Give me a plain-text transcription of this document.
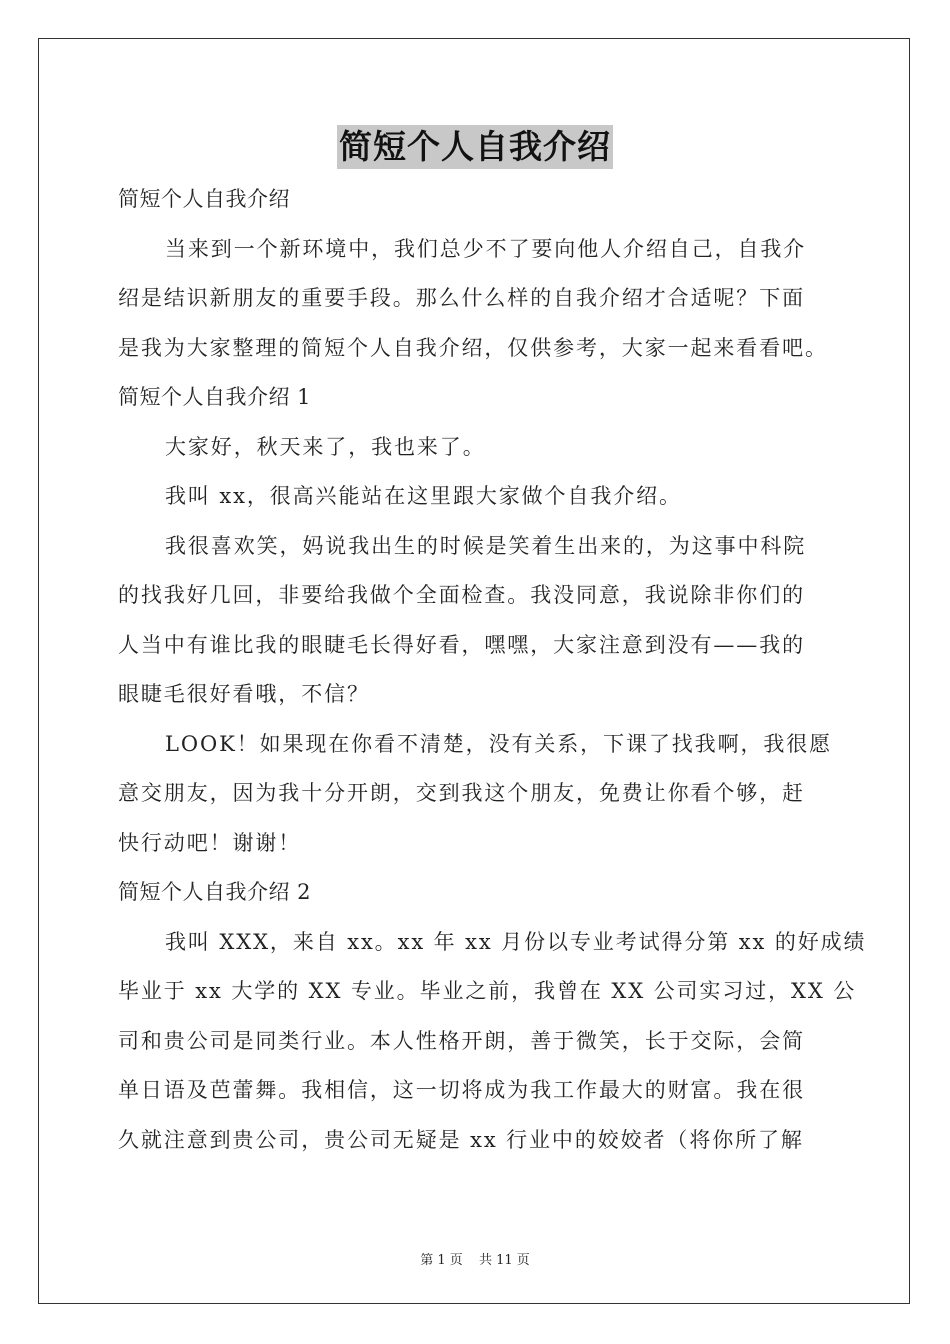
简短个人自我介绍
简短个人自我介绍
当来到一个新环境中，我们总少不了要向他人介绍自己，自我介
绍是结识新朋友的重要手段。那么什么样的自我介绍才合适呢？下面
是我为大家整理的简短个人自我介绍，仅供参考，大家一起来看看吧。
简短个人自我介绍 1
大家好，秋天来了，我也来了。
我叫 xx，很高兴能站在这里跟大家做个自我介绍。
我很喜欢笑，妈说我出生的时候是笑着生出来的，为这事中科院
的找我好几回，非要给我做个全面检查。我没同意，我说除非你们的
人当中有谁比我的眼睫毛长得好看，嘿嘿，大家注意到没有——我的
眼睫毛很好看哦，不信？
LOOK！如果现在你看不清楚，没有关系，下课了找我啊，我很愿
意交朋友，因为我十分开朗，交到我这个朋友，免费让你看个够，赶
快行动吧！谢谢！
简短个人自我介绍 2
我叫 XXX，来自 xx。xx 年 xx 月份以专业考试得分第 xx 的好成绩
毕业于 xx 大学的 XX 专业。毕业之前，我曾在 XX 公司实习过，XX 公
司和贵公司是同类行业。本人性格开朗，善于微笑，长于交际，会简
单日语及芭蕾舞。我相信，这一切将成为我工作最大的财富。我在很
久就注意到贵公司，贵公司无疑是 xx 行业中的姣姣者（将你所了解
第 1 页 共 11 页
